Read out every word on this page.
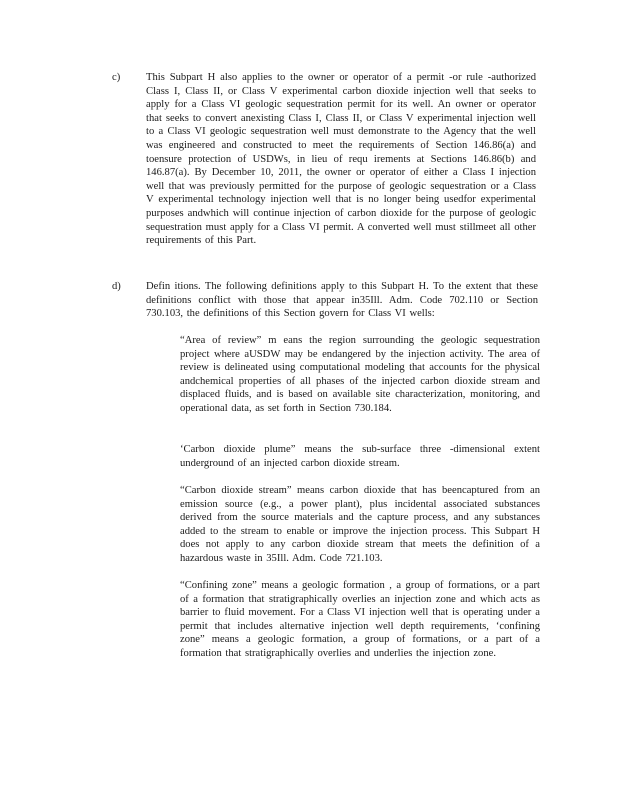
c) This Subpart H also applies to the owner or operator of a permit -or rule -authorized Class I, Class II, or Class V experimental carbon dioxide injection well that seeks to apply for a Class VI geologic sequestration permit for its well. An owner or operator that seeks to convert anexisting Class I, Class II, or Class V experimental injection well to a Class VI geologic sequestration well must demonstrate to the Agency that the well was engineered and constructed to meet the requirements of Section 146.86(a) and toensure protection of USDWs, in lieu of requ irements at Sections 146.86(b) and 146.87(a). By December 10, 2011, the owner or operator of either a Class I injection well that was previously permitted for the purpose of geologic sequestration or a Class V experimental technology injection well that is no longer being usedfor experimental purposes andwhich will continue injection of carbon dioxide for the purpose of geologic sequestration must apply for a Class VI permit. A converted well must stillmeet all other requirements of this Part.
d) Defin itions. The following definitions apply to this Subpart H. To the extent that these definitions conflict with those that appear in35Ill. Adm. Code 702.110 or Section 730.103, the definitions of this Section govern for Class VI wells:
“Area of review” m eans the region surrounding the geologic sequestration project where aUSDW may be endangered by the injection activity. The area of review is delineated using computational modeling that accounts for the physical andchemical properties of all phases of the injected carbon dioxide stream and displaced fluids, and is based on available site characterization, monitoring, and operational data, as set forth in Section 730.184.
‘Carbon dioxide plume” means the sub-surface three -dimensional extent underground of an injected carbon dioxide stream.
“Carbon dioxide stream” means carbon dioxide that has beencaptured from an emission source (e.g., a power plant), plus incidental associated substances derived from the source materials and the capture process, and any substances added to the stream to enable or improve the injection process. This Subpart H does not apply to any carbon dioxide stream that meets the definition of a hazardous waste in 35Ill. Adm. Code 721.103.
“Confining zone” means a geologic formation , a group of formations, or a part of a formation that stratigraphically overlies an injection zone and which acts as barrier to fluid movement. For a Class VI injection well that is operating under a permit that includes alternative injection well depth requirements, ‘confining zone” means a geologic formation, a group of formations, or a part of a formation that stratigraphically overlies and underlies the injection zone.
